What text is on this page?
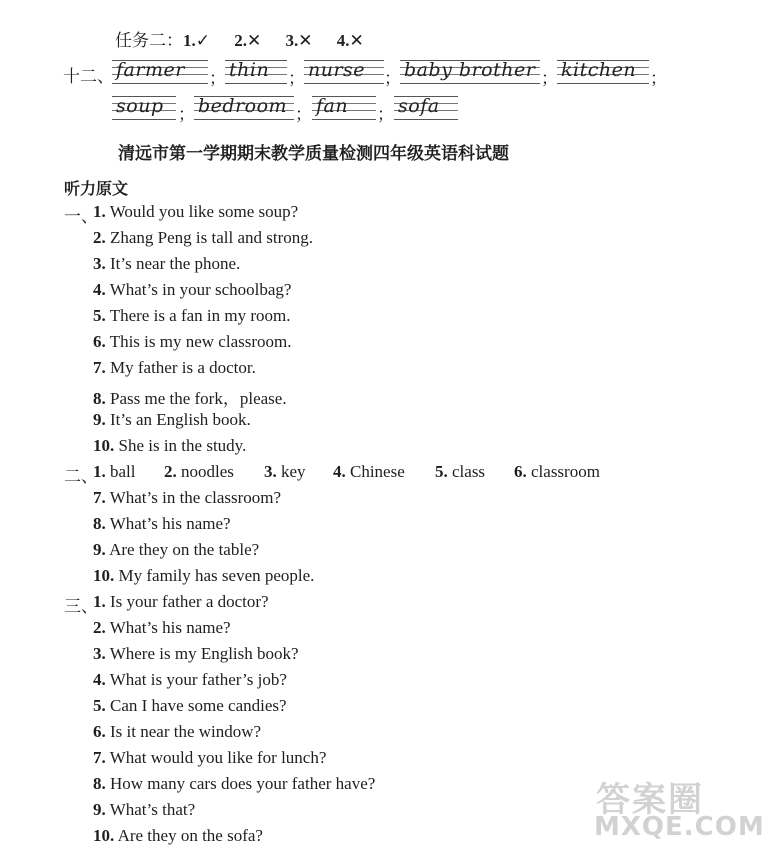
任务二：1.✓ 2.✕ 3.✕ 4.✕
十二、 farmer ； thin ； nurse ； baby brother ； kitchen ；
soup ； bedroom ； fan ； sofa
清远市第一学期期末教学质量检测四年级英语科试题
听力原文
一、
1. Would you like some soup?
2. Zhang Peng is tall and strong.
3. It’s near the phone.
4. What’s in your schoolbag?
5. There is a fan in my room.
6. This is my new classroom.
7. My father is a doctor.
8. Pass me the fork，please.
9. It’s an English book.
10. She is in the study.
二、
1. ball 2. noodles 3. key 4. Chinese 5. class 6. classroom
7. What’s in the classroom?
8. What’s his name?
9. Are they on the table?
10. My family has seven people.
三、
1. Is your father a doctor?
2. What’s his name?
3. Where is my English book?
4. What is your father’s job?
5. Can I have some candies?
6. Is it near the window?
7. What would you like for lunch?
8. How many cars does your father have?
9. What’s that?
10. Are they on the sofa?
答案圈
MXQE.COM
